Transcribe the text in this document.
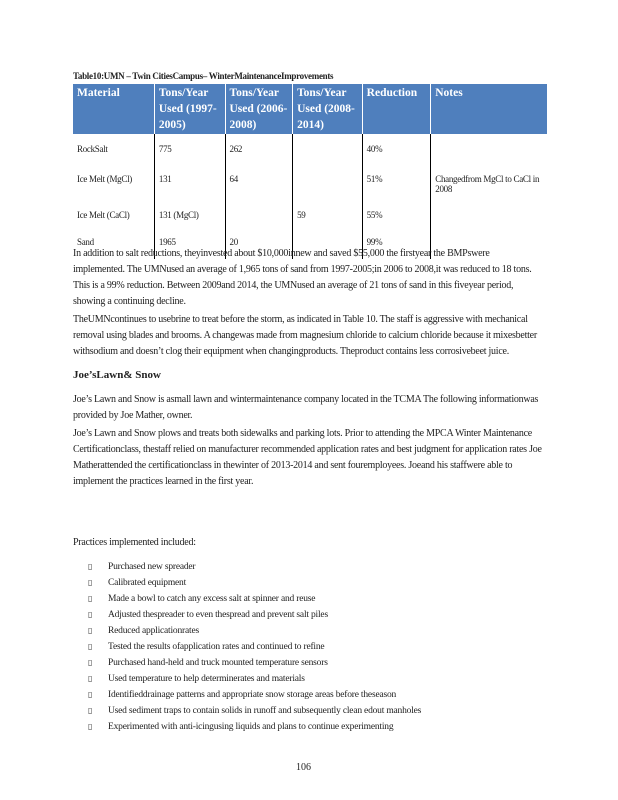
Table10:UMN – Twin CitiesCampus– WinterMaintenanceImprovements
Material	Tons/Year Used (1997-2005)	Tons/Year Used (2006-2008)	Tons/Year Used (2008-2014)	Reduction	Notes
RockSalt	775	262		40%	
Ice Melt (MgCl)	131	64		51%	Changedfrom MgCl to CaCl in 2008
Ice Melt (CaCl)	131 (MgCl)		59	55%	
Sand	1965	20		99%	

In addition to salt reductions, theyinvested about $10,000innew and saved $55,000 the firstyear the BMPswere implemented. The UMNused an average of 1,965 tons of sand from 1997-2005;in 2006 to 2008,it was reduced to 18 tons. This is a 99% reduction. Between 2009and 2014, the UMNused an average of 21 tons of sand in this fiveyear period, showing a continuing decline.

TheUMNcontinues to usebrine to treat before the storm, as indicated in Table 10. The staff is aggressive with mechanical removal using blades and brooms. A changewas made from magnesium chloride to calcium chloride because it mixesbetter withsodium and doesn’t clog their equipment when changingproducts. Theproduct contains less corrosivebeet juice.

Joe’sLawn& Snow

Joe’s Lawn and Snow is asmall lawn and wintermaintenance company located in the TCMA The following informationwas provided by Joe Mather, owner.

Joe’s Lawn and Snow plows and treats both sidewalks and parking lots. Prior to attending the MPCA Winter Maintenance Certificationclass, thestaff relied on manufacturer recommended application rates and best judgment for application rates Joe Matherattended the certificationclass in thewinter of 2013-2014 and sent fouremployees. Joeand his staffwere able to implement the practices learned in the first year.

Practices implemented included:

▯	Purchased new spreader
▯	Calibrated equipment
▯	Made a bowl to catch any excess salt at spinner and reuse
▯	Adjusted thespreader to even thespread and prevent salt piles
▯	Reduced applicationrates
▯	Tested the results ofapplication rates and continued to refine
▯	Purchased hand-held and truck mounted temperature sensors
▯	Used temperature to help determinerates and materials
▯	Identifieddrainage patterns and appropriate snow storage areas before theseason
▯	Used sediment traps to contain solids in runoff and subsequently clean edout manholes
▯	Experimented with anti-icingusing liquids and plans to continue experimenting
106
